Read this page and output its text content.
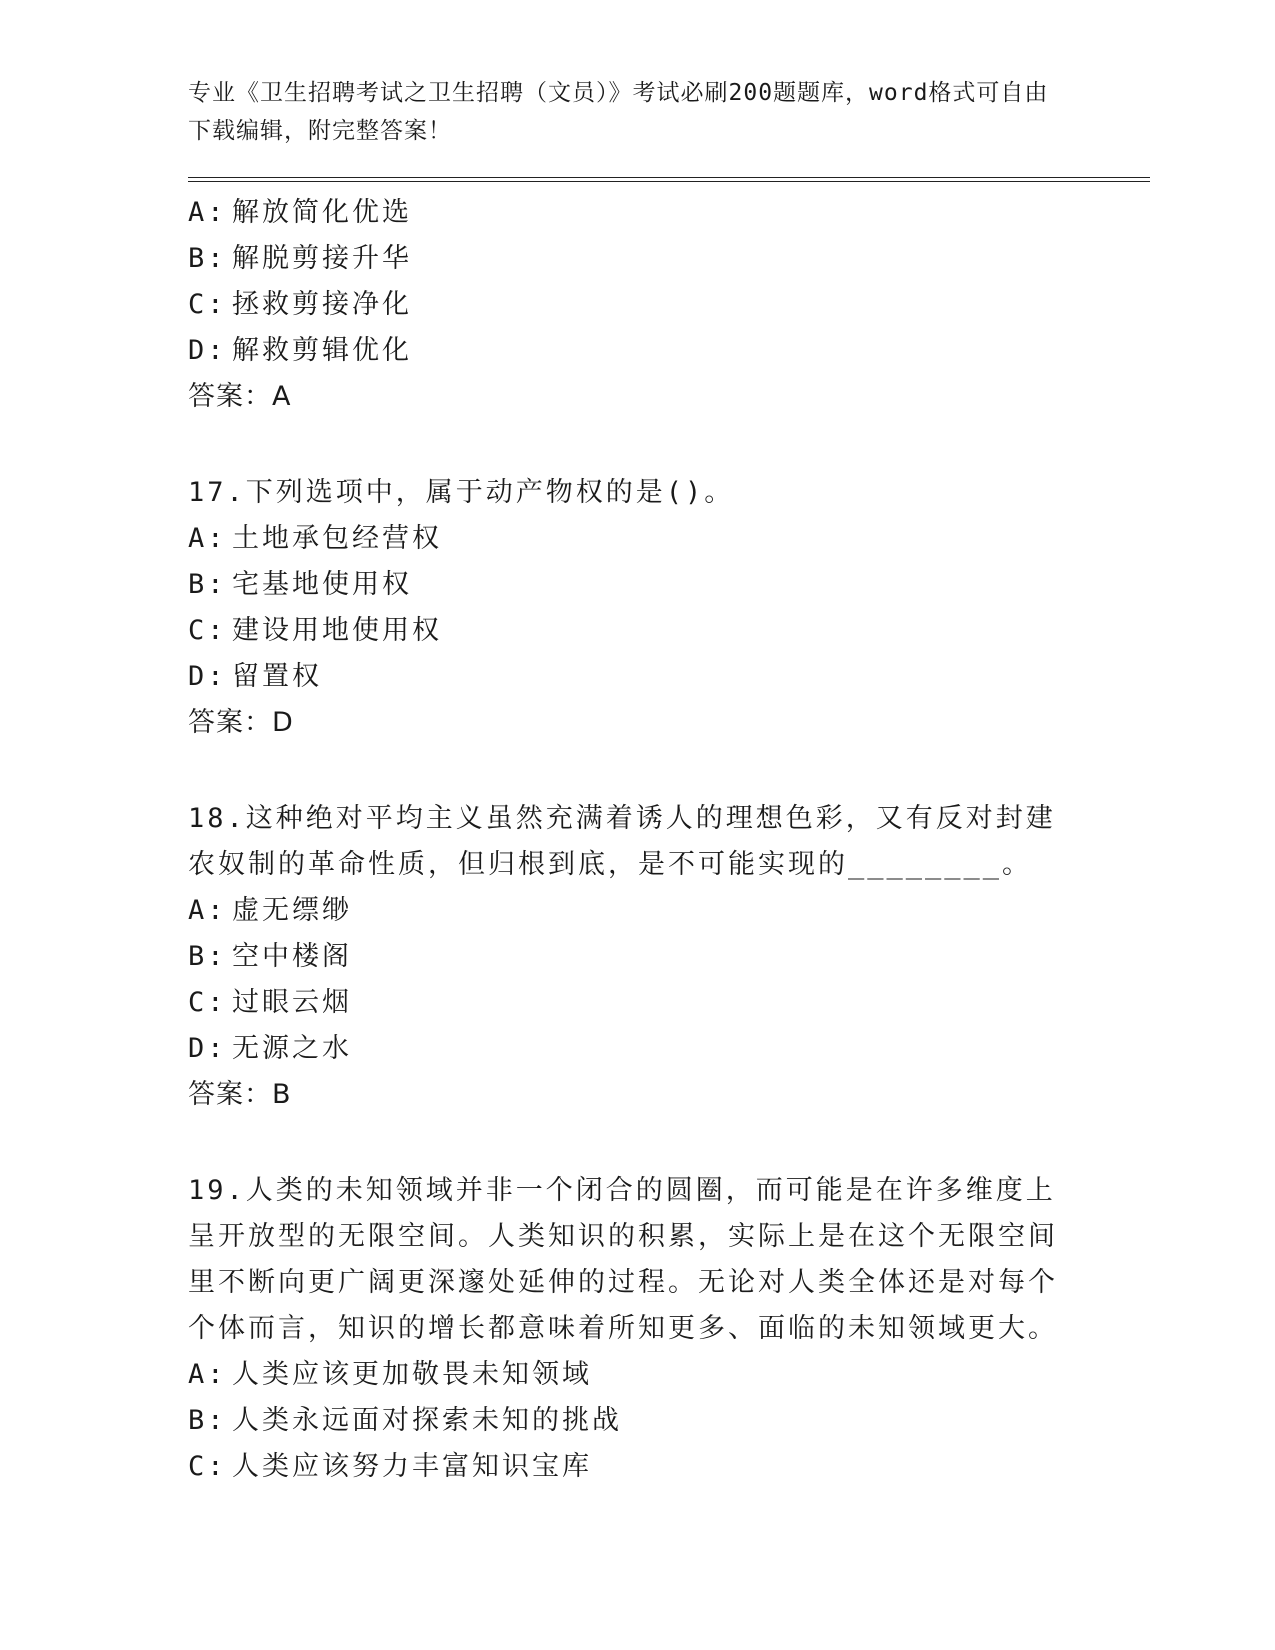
专业《卫生招聘考试之卫生招聘（文员）》考试必刷200题题库，word格式可自由下载编辑，附完整答案！
A: 解放简化优选
B: 解脱剪接升华
C: 拯救剪接净化
D: 解救剪辑优化
答案：A
17.下列选项中，属于动产物权的是()。
A: 土地承包经营权
B: 宅基地使用权
C: 建设用地使用权
D: 留置权
答案：D
18.这种绝对平均主义虽然充满着诱人的理想色彩，又有反对封建农奴制的革命性质，但归根到底，是不可能实现的________。
A: 虚无缥缈
B: 空中楼阁
C: 过眼云烟
D: 无源之水
答案：B
19.人类的未知领域并非一个闭合的圆圈，而可能是在许多维度上呈开放型的无限空间。人类知识的积累，实际上是在这个无限空间里不断向更广阔更深邃处延伸的过程。无论对人类全体还是对每个个体而言，知识的增长都意味着所知更多、面临的未知领域更大。
A: 人类应该更加敬畏未知领域
B: 人类永远面对探索未知的挑战
C: 人类应该努力丰富知识宝库
